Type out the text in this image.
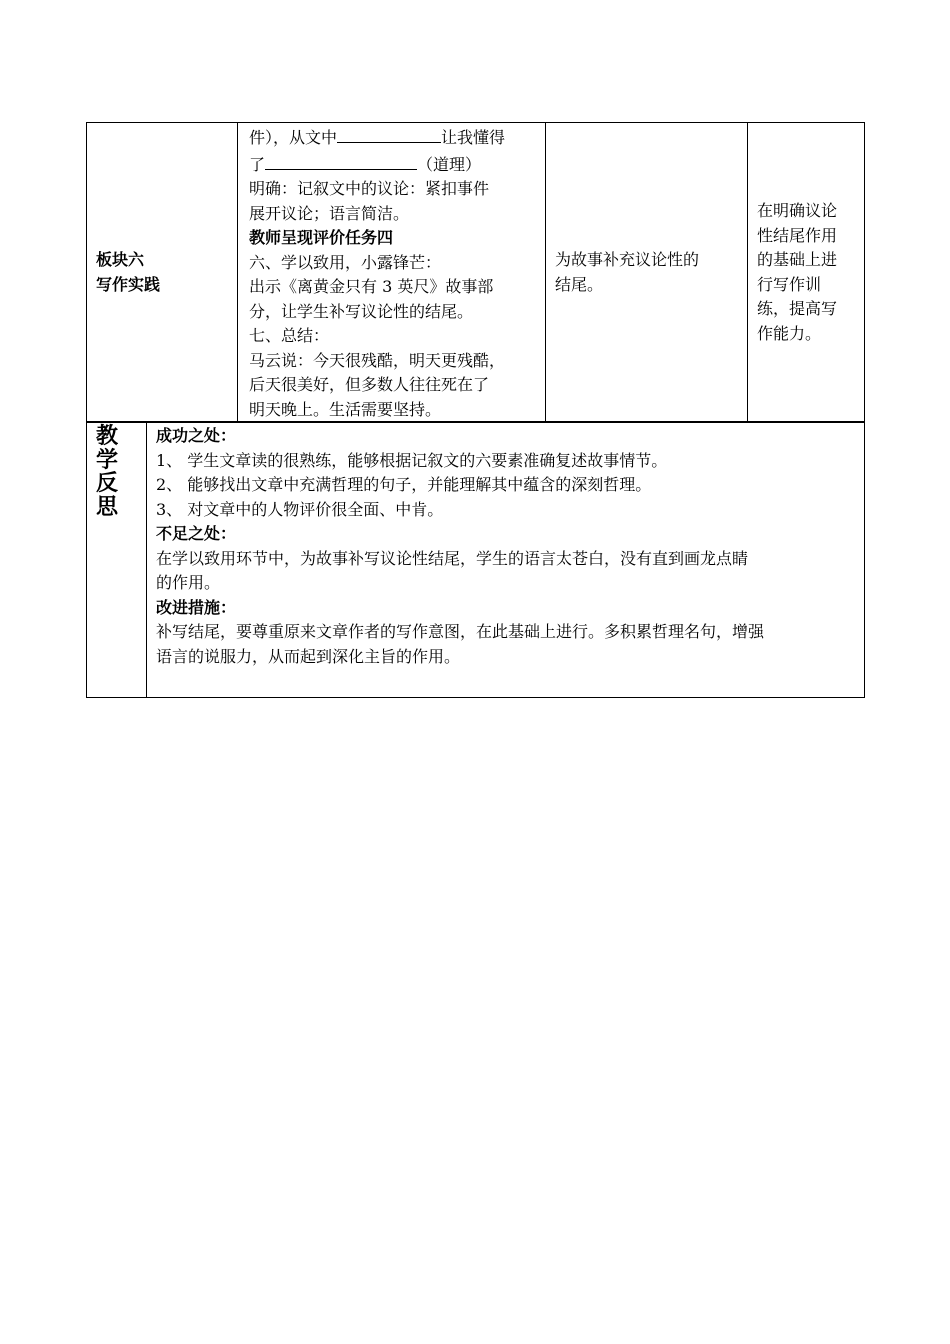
板块六
写作实践

件），从文中	让我懂得
了	（道理）
明确：记叙文中的议论：紧扣事件
展开议论；语言简洁。
教师呈现评价任务四
六、学以致用，小露锋芒：
出示《离黄金只有 3 英尺》故事部
分，让学生补写议论性的结尾。
七、总结：
马云说：今天很残酷，明天更残酷，
后天很美好，但多数人往往死在了
明天晚上。生活需要坚持。

为故事补充议论性的
结尾。

在明确议论
性结尾作用
的基础上进
行写作训
练，提高写
作能力。
教
学
反
思

成功之处：
1、 学生文章读的很熟练，能够根据记叙文的六要素准确复述故事情节。
2、 能够找出文章中充满哲理的句子，并能理解其中蕴含的深刻哲理。
3、 对文章中的人物评价很全面、中肯。
不足之处：
在学以致用环节中，为故事补写议论性结尾，学生的语言太苍白，没有直到画龙点睛
的作用。
改进措施：
补写结尾，要尊重原来文章作者的写作意图，在此基础上进行。多积累哲理名句，增强
语言的说服力，从而起到深化主旨的作用。
